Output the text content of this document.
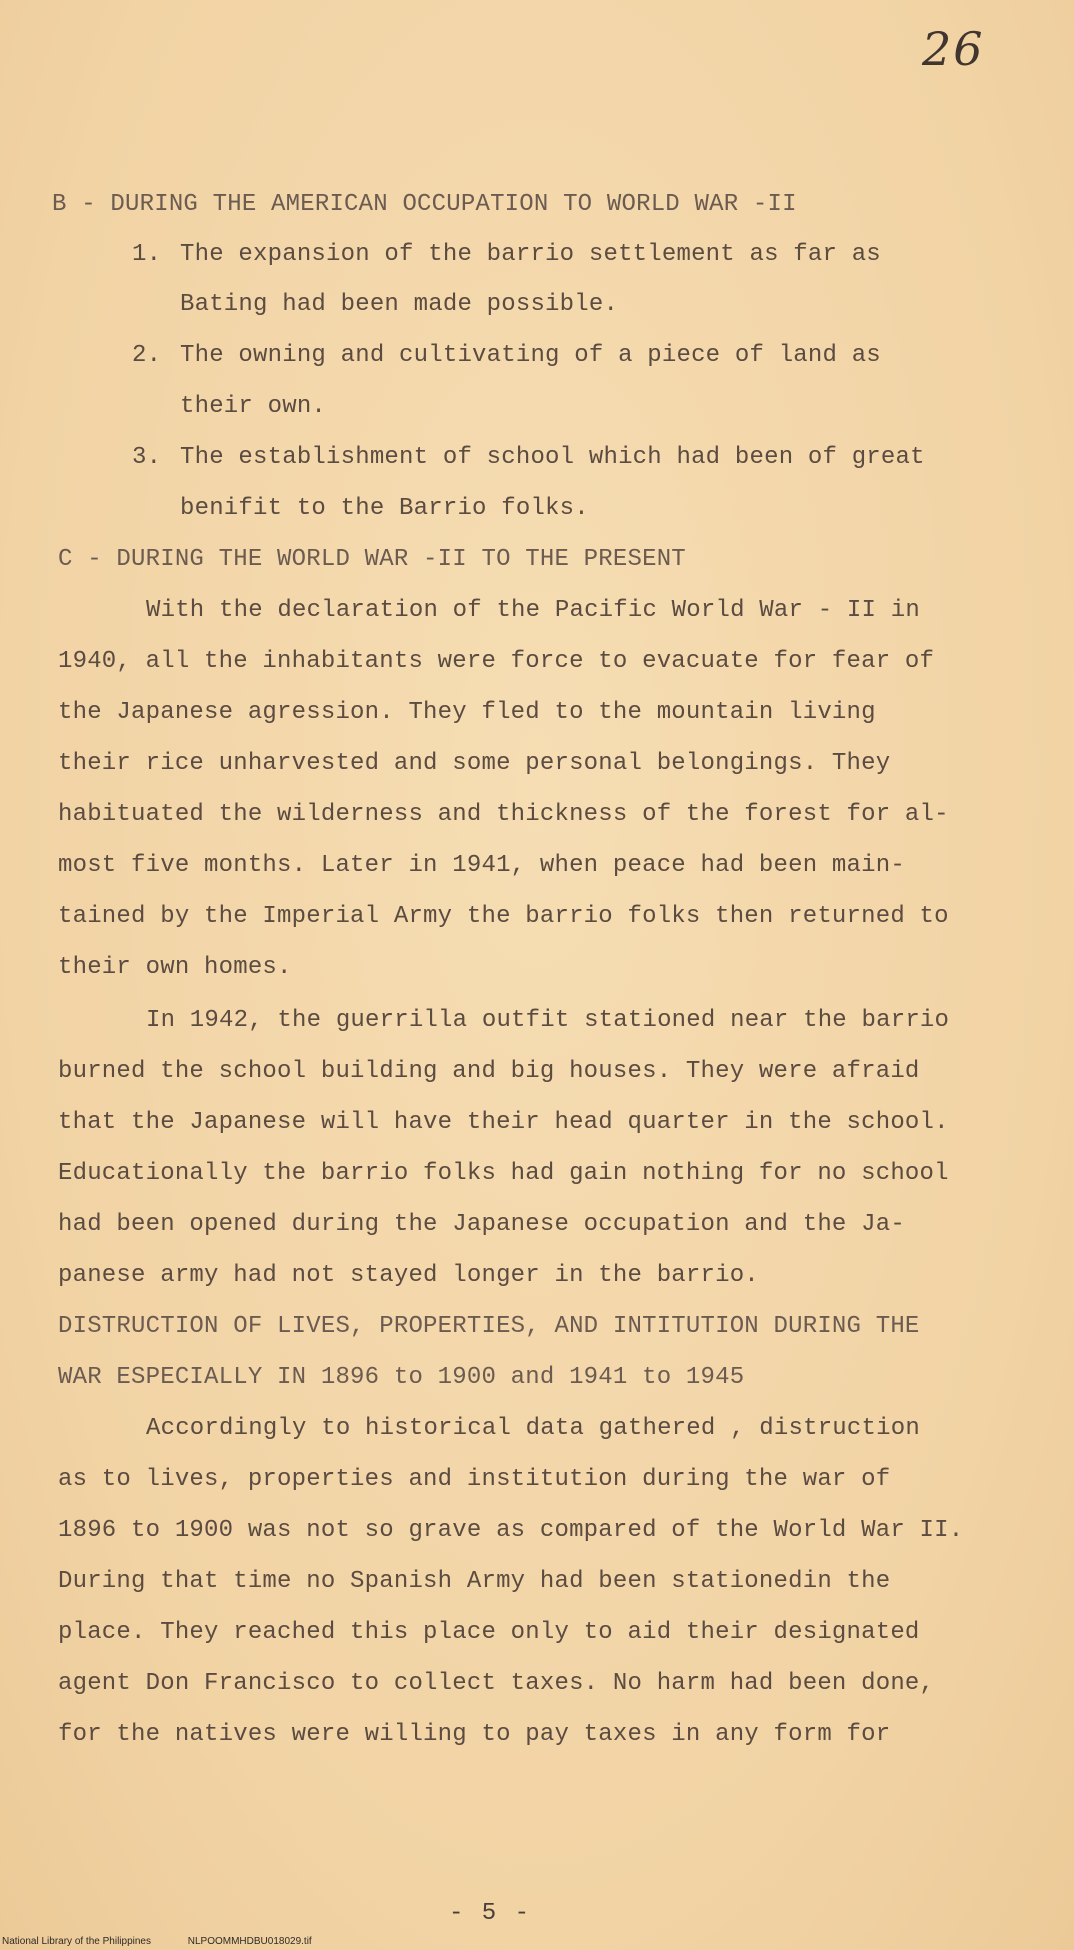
26
B - DURING THE AMERICAN OCCUPATION TO WORLD WAR -II
1. The expansion of the barrio settlement as far as
Bating had been made possible.
2. The owning and cultivating of a piece of land as
their own.
3. The establishment of school which had been of great
benifit to the Barrio folks.
C - DURING THE WORLD WAR -II TO THE PRESENT
With the declaration of the Pacific World War - II in
1940, all the inhabitants were force to evacuate for fear of
the Japanese agression. They fled to the mountain living
their rice unharvested and some personal belongings. They
habituated the wilderness and thickness of the forest for al-
most five months. Later in 1941, when peace had been main-
tained by the Imperial Army the barrio folks then returned to
their own homes.
In 1942, the guerrilla outfit stationed near the barrio
burned the school building and big houses. They were afraid
that the Japanese will have their head quarter in the school.
Educationally the barrio folks had gain nothing for no school
had been opened during the Japanese occupation and the Ja-
panese army had not stayed longer in the barrio.
DISTRUCTION OF LIVES, PROPERTIES, AND INTITUTION DURING THE
WAR ESPECIALLY IN 1896 to 1900 and 1941 to 1945
Accordingly to historical data gathered , distruction
as to lives, properties and institution during the war of
1896 to 1900 was not so grave as compared of the World War II.
During that time no Spanish Army had been stationedin the
place. They reached this place only to aid their designated
agent Don Francisco to collect taxes. No harm had been done,
for the natives were willing to pay taxes in any form for
- 5 -
National Library of the Philippines	NLPOOMMHDBU018029.tif
